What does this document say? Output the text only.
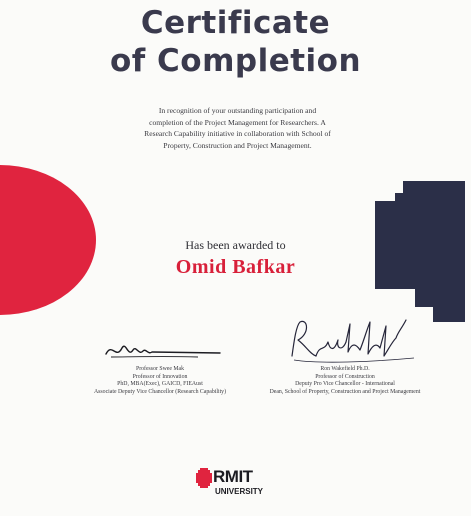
Certificate
of Completion
In recognition of your outstanding participation and
completion of the Project Management for Researchers. A
Research Capability initiative in collaboration with School of
Property, Construction and Project Management.
Has been awarded to
Omid Bafkar
Professor Swee Mak
Professor of Innovation
PhD, MBA(Exec), GAICD, FIEAust
Associate Deputy Vice Chancellor (Research Capability)
Ron Wakefield Ph.D.
Professor of Construction
Deputy Pro Vice Chancellor - International
Dean, School of Property, Construction and Project Management
RMIT
UNIVERSITY
